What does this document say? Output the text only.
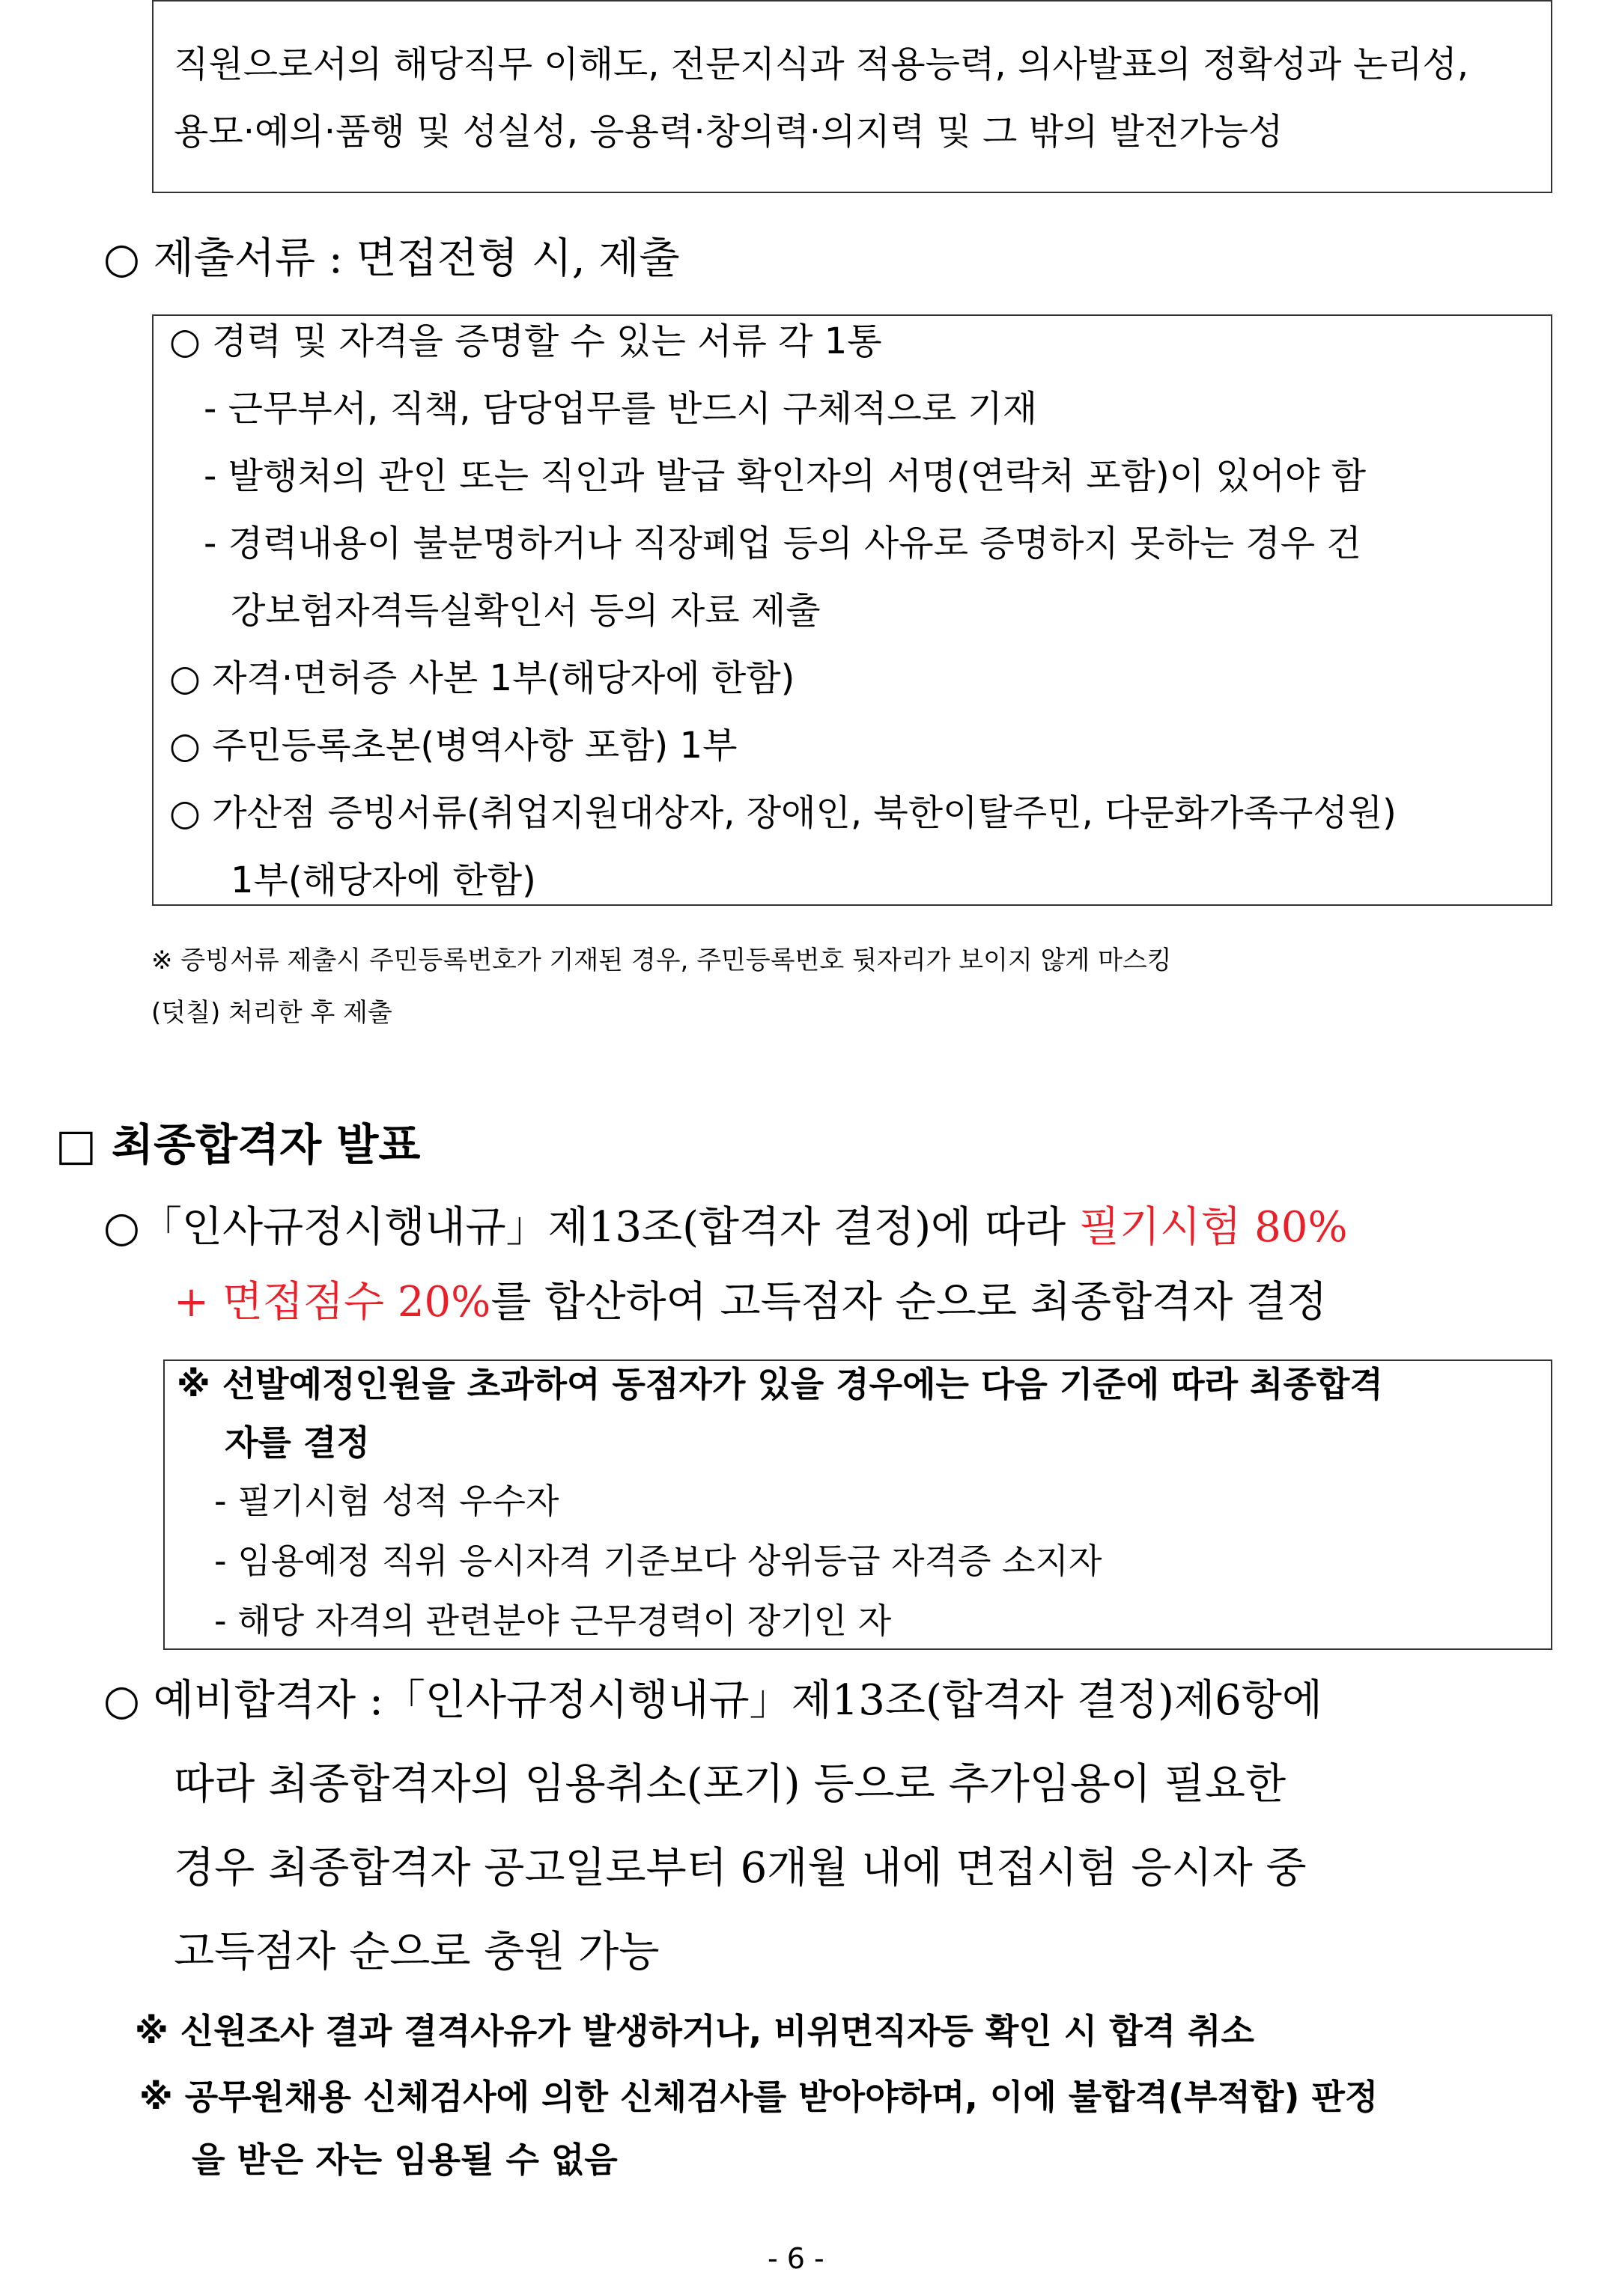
직원으로서의 해당직무 이해도, 전문지식과 적용능력, 의사발표의 정확성과 논리성,
용모·예의·품행 및 성실성, 응용력·창의력·의지력 및 그 밖의 발전가능성
○ 제출서류 : 면접전형 시, 제출
○ 경력 및 자격을 증명할 수 있는 서류 각 1통
- 근무부서, 직책, 담당업무를 반드시 구체적으로 기재
- 발행처의 관인 또는 직인과 발급 확인자의 서명(연락처 포함)이 있어야 함
- 경력내용이 불분명하거나 직장폐업 등의 사유로 증명하지 못하는 경우 건
강보험자격득실확인서 등의 자료 제출
○ 자격·면허증 사본 1부(해당자에 한함)
○ 주민등록초본(병역사항 포함) 1부
○ 가산점 증빙서류(취업지원대상자, 장애인, 북한이탈주민, 다문화가족구성원)
1부(해당자에 한함)
※ 증빙서류 제출시 주민등록번호가 기재된 경우, 주민등록번호 뒷자리가 보이지 않게 마스킹
(덧칠) 처리한 후 제출
□ 최종합격자 발표
○「인사규정시행내규」제13조(합격자 결정)에 따라 필기시험 80%
+ 면접점수 20%를 합산하여 고득점자 순으로 최종합격자 결정
※ 선발예정인원을 초과하여 동점자가 있을 경우에는 다음 기준에 따라 최종합격
자를 결정
- 필기시험 성적 우수자
- 임용예정 직위 응시자격 기준보다 상위등급 자격증 소지자
- 해당 자격의 관련분야 근무경력이 장기인 자
○ 예비합격자 :「인사규정시행내규」제13조(합격자 결정)제6항에
따라 최종합격자의 임용취소(포기) 등으로 추가임용이 필요한
경우 최종합격자 공고일로부터 6개월 내에 면접시험 응시자 중
고득점자 순으로 충원 가능
※ 신원조사 결과 결격사유가 발생하거나, 비위면직자등 확인 시 합격 취소
※ 공무원채용 신체검사에 의한 신체검사를 받아야하며, 이에 불합격(부적합) 판정
을 받은 자는 임용될 수 없음
- 6 -
